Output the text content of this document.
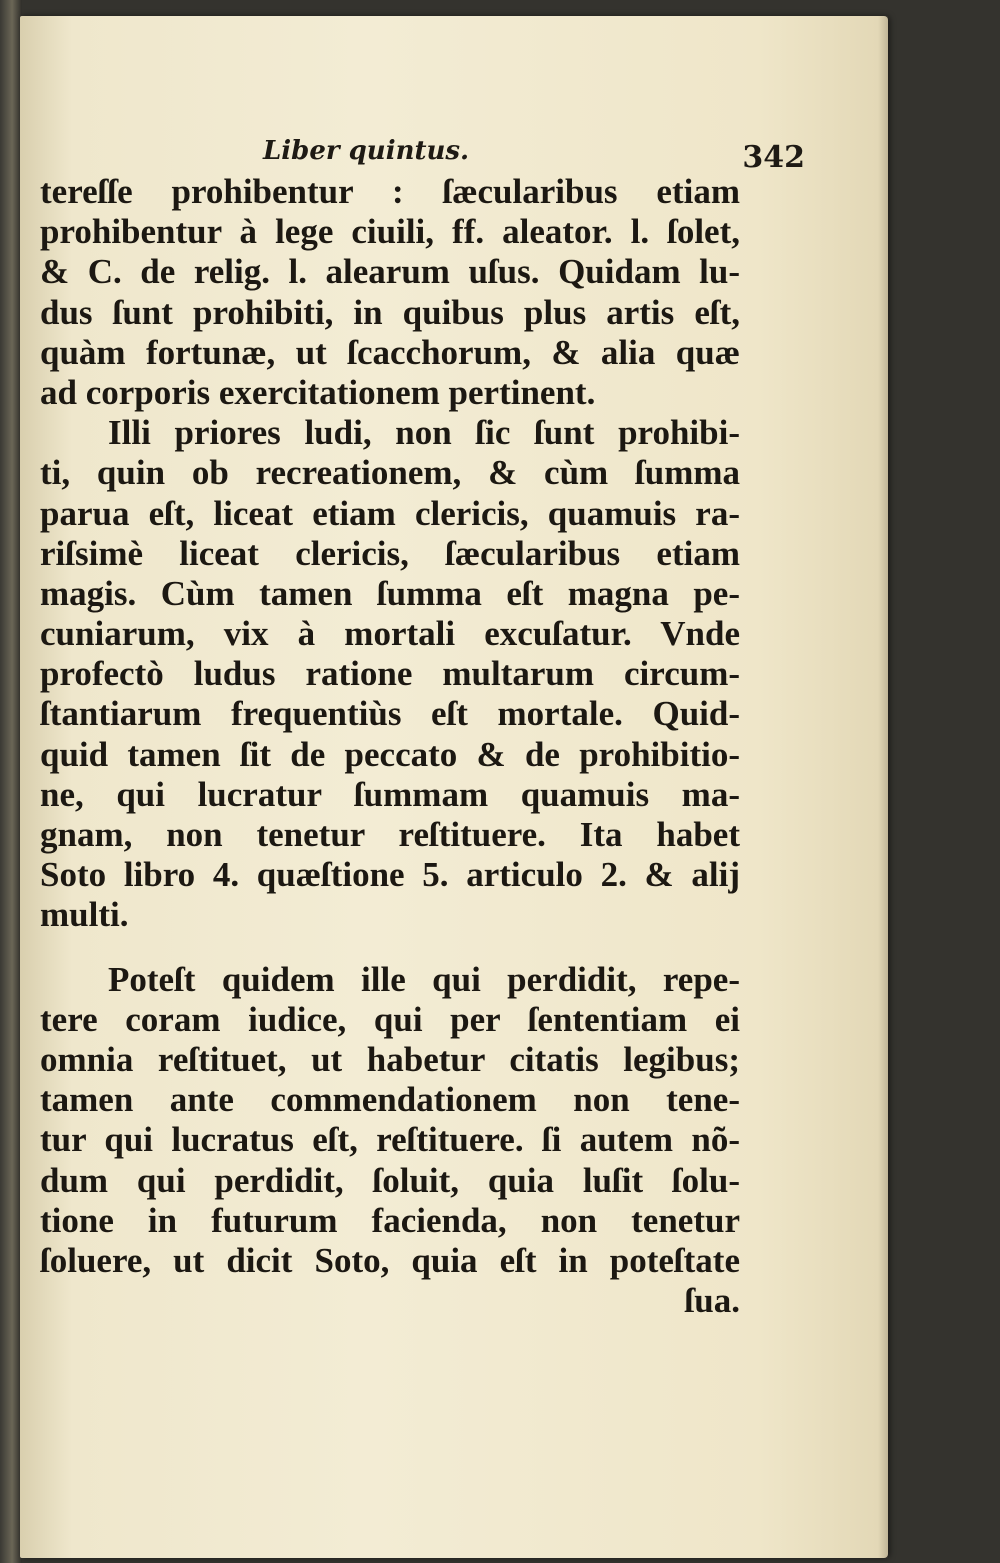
Liber quintus.	342
tereſſe prohibentur : ſæcularibus etiam
prohibentur à lege ciuili, ff. aleator. l. ſolet,
& C. de relig. l. alearum uſus. Quidam lu-
dus ſunt prohibiti, in quibus plus artis eſt,
quàm fortunæ, ut ſcacchorum, & alia quæ
ad corporis exercitationem pertinent.
Illi priores ludi, non ſic ſunt prohibi-
ti, quin ob recreationem, & cùm ſumma
parua eſt, liceat etiam clericis, quamuis ra-
riſsimè liceat clericis, ſæcularibus etiam
magis. Cùm tamen ſumma eſt magna pe-
cuniarum, vix à mortali excuſatur. Vnde
profectò ludus ratione multarum circum-
ſtantiarum frequentiùs eſt mortale. Quid-
quid tamen ſit de peccato & de prohibitio-
ne, qui lucratur ſummam quamuis ma-
gnam, non tenetur reſtituere. Ita habet
Soto libro 4. quæſtione 5. articulo 2. & alij
multi.
Poteſt quidem ille qui perdidit, repe-
tere coram iudice, qui per ſententiam ei
omnia reſtituet, ut habetur citatis legibus;
tamen ante commendationem non tene-
tur qui lucratus eſt, reſtituere. ſi autem nõ-
dum qui perdidit, ſoluit, quia luſit ſolu-
tione in futurum facienda, non tenetur
ſoluere, ut dicit Soto, quia eſt in poteſtate
ſua.
